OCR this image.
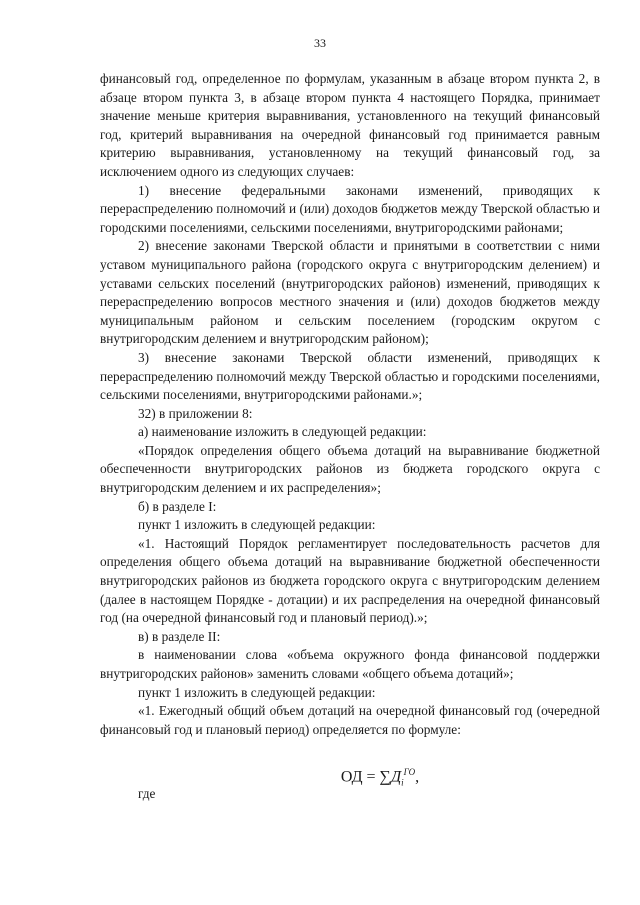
33

финансовый год, определенное по формулам, указанным в абзаце втором пункта 2, в абзаце втором пункта 3, в абзаце втором пункта 4 настоящего Порядка, принимает значение меньше критерия выравнивания, установленного на текущий финансовый год, критерий выравнивания на очередной финансовый год принимается равным критерию выравнивания, установленному на текущий финансовый год, за исключением одного из следующих случаев:

1) внесение федеральными законами изменений, приводящих к перераспределению полномочий и (или) доходов бюджетов между Тверской областью и городскими поселениями, сельскими поселениями, внутригородскими районами;

2) внесение законами Тверской области и принятыми в соответствии с ними уставом муниципального района (городского округа с внутригородским делением) и уставами сельских поселений (внутригородских районов) изменений, приводящих к перераспределению вопросов местного значения и (или) доходов бюджетов между муниципальным районом и сельским поселением (городским округом с внутригородским делением и внутригородским районом);

3) внесение законами Тверской области изменений, приводящих к перераспределению полномочий между Тверской областью и городскими поселениями, сельскими поселениями, внутригородскими районами.»;

32) в приложении 8:

а) наименование изложить в следующей редакции:

«Порядок определения общего объема дотаций на выравнивание бюджетной обеспеченности внутригородских районов из бюджета городского округа с внутригородским делением и их распределения»;

б) в разделе I:

пункт 1 изложить в следующей редакции:

«1. Настоящий Порядок регламентирует последовательность расчетов для определения общего объема дотаций на выравнивание бюджетной обеспеченности внутригородских районов из бюджета городского округа с внутригородским делением (далее в настоящем Порядке - дотации) и их распределения на очередной финансовый год (на очередной финансовый год и плановый период).»;

в) в разделе II:

в наименовании слова «объема окружного фонда финансовой поддержки внутригородских районов» заменить словами «общего объема дотаций»;

пункт 1 изложить в следующей редакции:

«1. Ежегодный общий объем дотаций на очередной финансовый год (очередной финансовый год и плановый период) определяется по формуле:

ОД = $\sum Д_i^{ГО}$,

где
